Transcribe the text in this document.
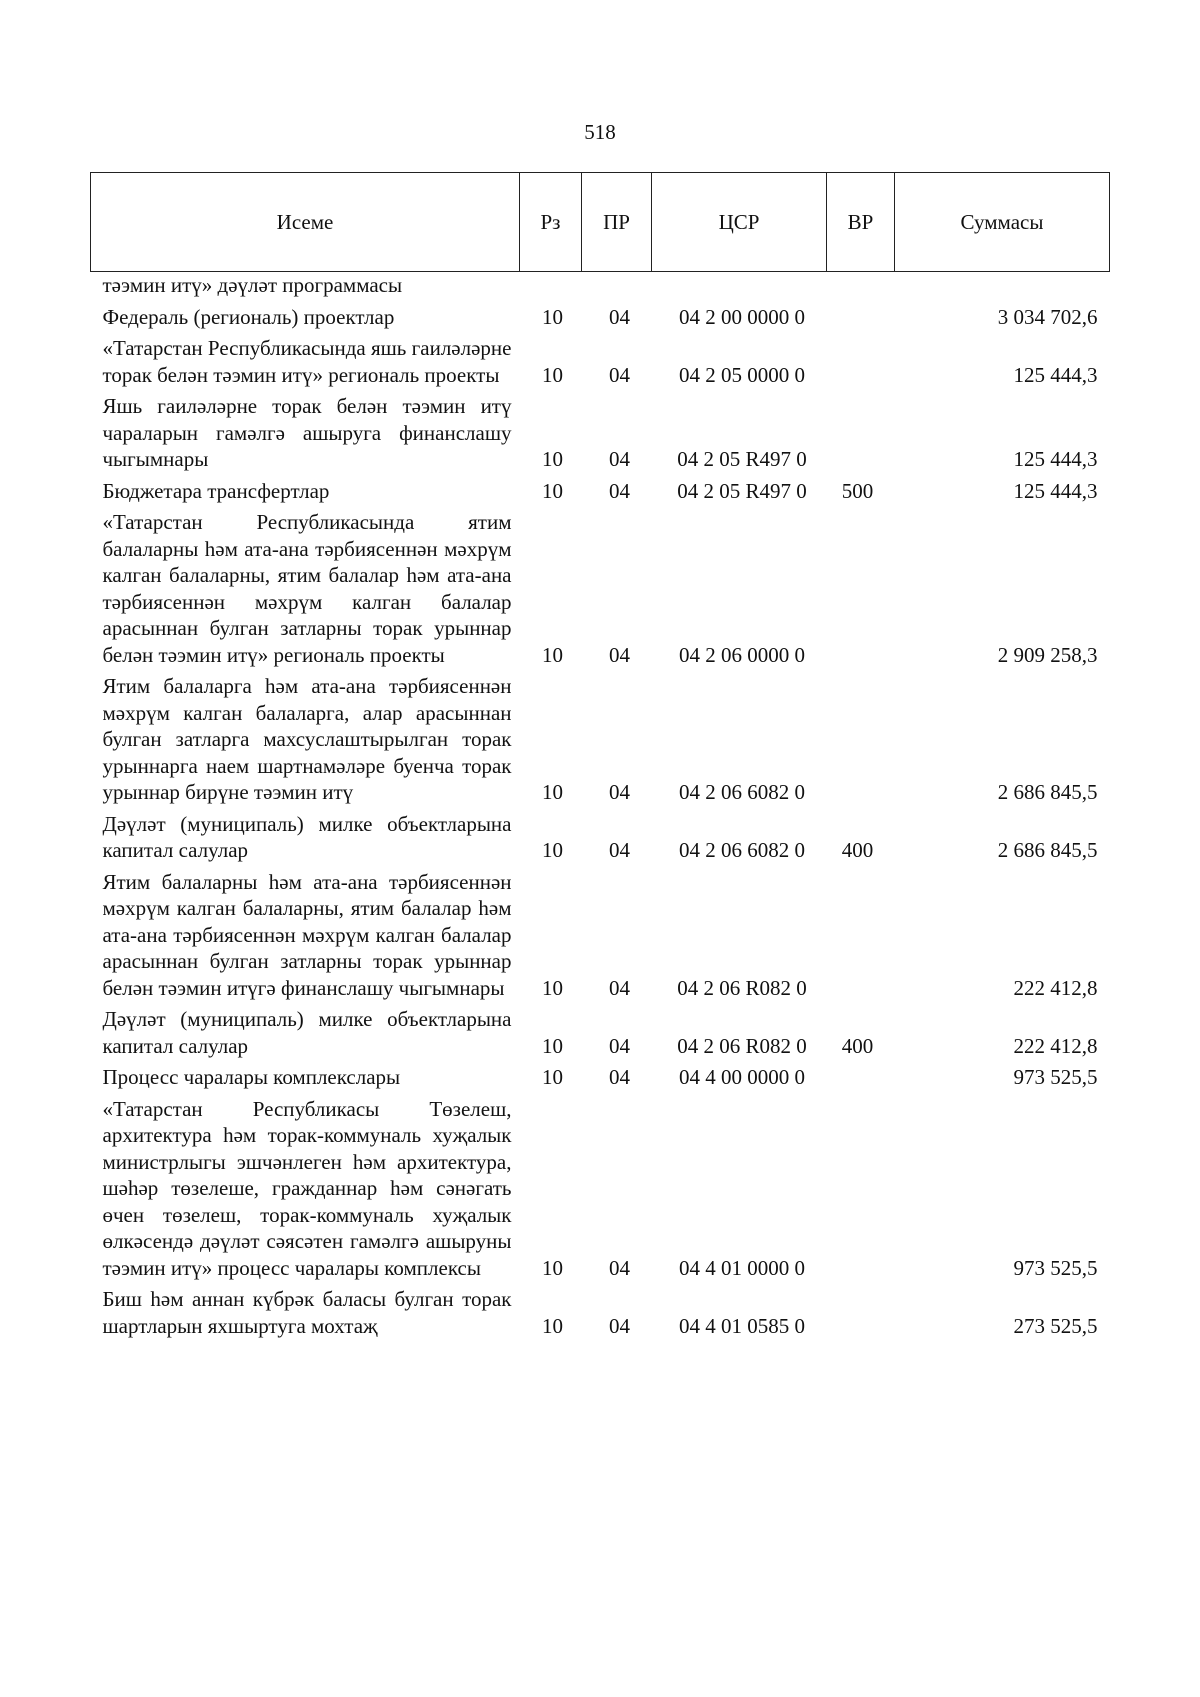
518
Исеме	Рз	ПР	ЦСР	ВР	Суммасы
тәэмин итү» дәүләт программасы					
Федераль (региональ) проектлар	10	04	04 2 00 0000 0		3 034 702,6
«Татарстан Республикасында яшь гаиләләрне торак белән тәэмин итү» региональ проекты	10	04	04 2 05 0000 0		125 444,3
Яшь гаиләләрне торак белән тәэмин итү чараларын гамәлгә ашыруга финанслашу чыгымнары	10	04	04 2 05 R497 0		125 444,3
Бюджетара трансфертлар	10	04	04 2 05 R497 0	500	125 444,3
«Татарстан Республикасында ятим балаларны һәм ата-ана тәрбиясеннән мәхрүм калган балаларны, ятим балалар һәм ата-ана тәрбиясеннән мәхрүм калган балалар арасыннан булган затларны торак урыннар белән тәэмин итү» региональ проекты	10	04	04 2 06 0000 0		2 909 258,3
Ятим балаларга һәм ата-ана тәрбиясеннән мәхрүм калган балаларга, алар арасыннан булган затларга махсуслаштырылган торак урыннарга наем шартнамәләре буенча торак урыннар бирүне тәэмин итү	10	04	04 2 06 6082 0		2 686 845,5
Дәүләт (муниципаль) милке объектларына капитал салулар	10	04	04 2 06 6082 0	400	2 686 845,5
Ятим балаларны һәм ата-ана тәрбиясеннән мәхрүм калган балаларны, ятим балалар һәм ата-ана тәрбиясеннән мәхрүм калган балалар арасыннан булган затларны торак урыннар белән тәэмин итүгә финанслашу чыгымнары	10	04	04 2 06 R082 0		222 412,8
Дәүләт (муниципаль) милке объектларына капитал салулар	10	04	04 2 06 R082 0	400	222 412,8
Процесс чаралары комплекслары	10	04	04 4 00 0000 0		973 525,5
«Татарстан Республикасы Төзелеш, архитектура һәм торак-коммуналь хуҗалык министрлыгы эшчәнлеген һәм архитектура, шәһәр төзелеше, гражданнар һәм сәнәгать өчен төзелеш, торак-коммуналь хуҗалык өлкәсендә дәүләт сәясәтен гамәлгә ашыруны тәэмин итү» процесс чаралары комплексы	10	04	04 4 01 0000 0		973 525,5
Биш һәм аннан күбрәк баласы булган торак шартларын яхшыртуга мохтаҗ	10	04	04 4 01 0585 0		273 525,5
